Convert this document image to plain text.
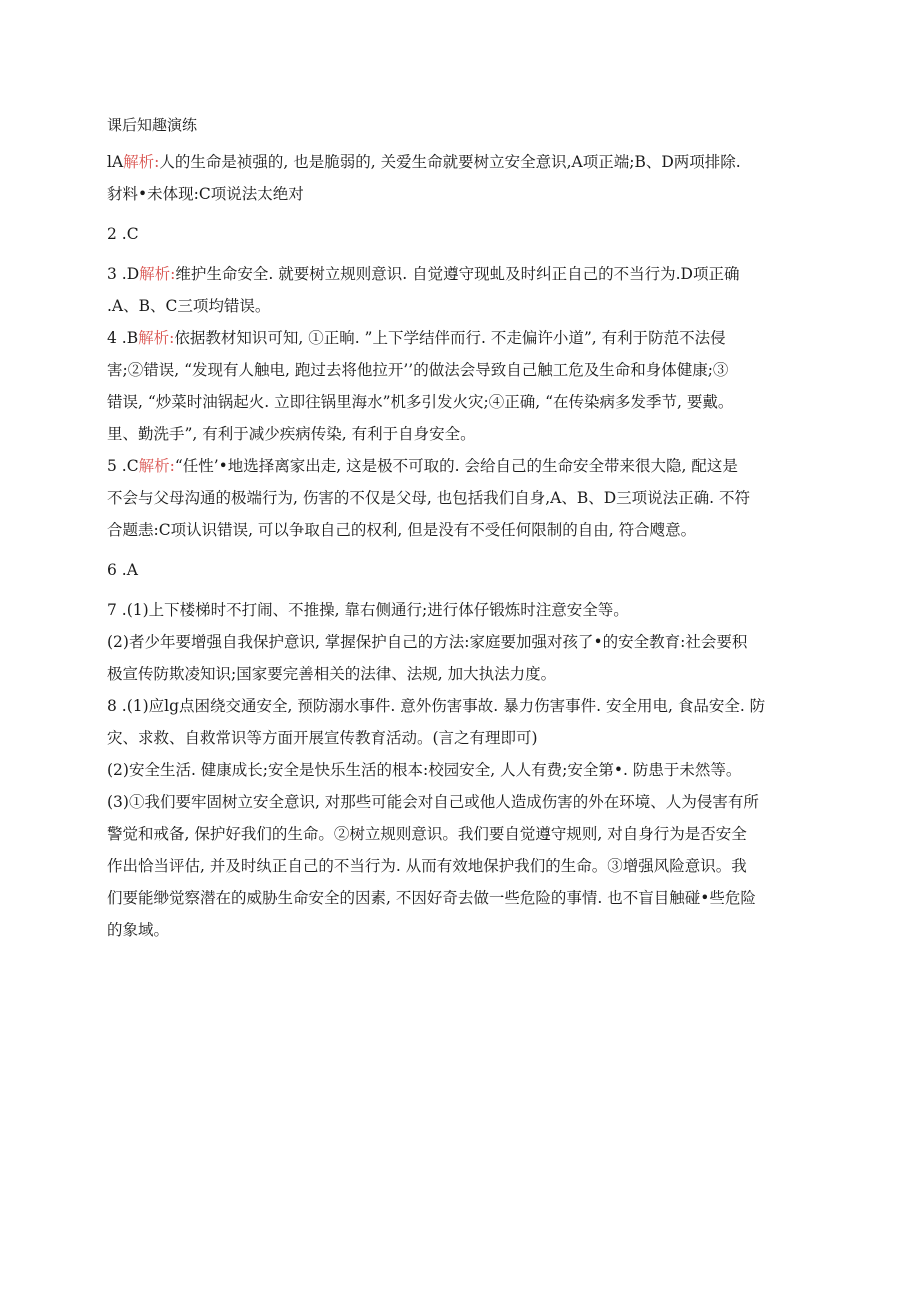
课后知趣演练

lA解析:人的生命是祯强的, 也是脆弱的, 关爱生命就要树立安全意识,A项正端;B、D两项排除.

豺料•未体现:C项说法太绝对

2 .C

3 .D解析:维护生命安全. 就要树立规则意识. 自觉遵守现虬及时纠正自己的不当行为.D项正确

.A、B、C三项均错误。

4 .B解析:依据教材知识可知, ①正晌. ”上下学结伴而行. 不走偏许小道”, 有利于防范不法侵

害;②错误, “发现有人触电, 跑过去将他拉开’’的做法会导致自己触工危及生命和身体健康;③

错误, “炒菜时油锅起火. 立即往锅里海水”机多引发火灾;④正确, “在传染病多发季节, 要戴。

里、勤洗手”, 有利于减少疾病传染, 有利于自身安全。

5 .C解析:“任性’•地选择离家出走, 这是极不可取的. 会给自己的生命安全带来很大隐, 配这是

不会与父母沟通的极端行为, 伤害的不仅是父母, 也包括我们自身,A、B、D三项说法正确. 不符

合题恚:C项认识错误, 可以争取自己的权利, 但是没有不受任何限制的自由, 符合飕意。

6 .A

7 .(1)上下楼梯时不打闹、不推操, 靠右侧通行;进行体仔锻炼时注意安全等。

(2)者少年要增强自我保护意识, 掌握保护自己的方法:家庭要加强对孩了•的安全教育:社会要积

极宣传防欺凌知识;国家要完善相关的法律、法规, 加大执法力度。

8 .(1)应lg点困绕交通安全, 预防溺水事件. 意外伤害事故. 暴力伤害事件. 安全用电, 食品安全. 防

灾、求救、自救常识等方面开展宣传教育活动。(言之有理即可)

(2)安全生活. 健康成长;安全是快乐生活的根本:校园安全, 人人有费;安全第•. 防患于未然等。

(3)①我们要牢固树立安全意识, 对那些可能会对自己或他人造成伤害的外在环境、人为侵害有所

警觉和戒备, 保护好我们的生命。②树立规则意识。我们要自觉遵守规则, 对自身行为是否安全

作出恰当评估, 并及时纨正自己的不当行为. 从而有效地保护我们的生命。③增强风险意识。我

们要能缈觉察潜在的威胁生命安全的因素, 不因好奇去做一些危险的事情. 也不盲目触碰•些危险

的象域。
